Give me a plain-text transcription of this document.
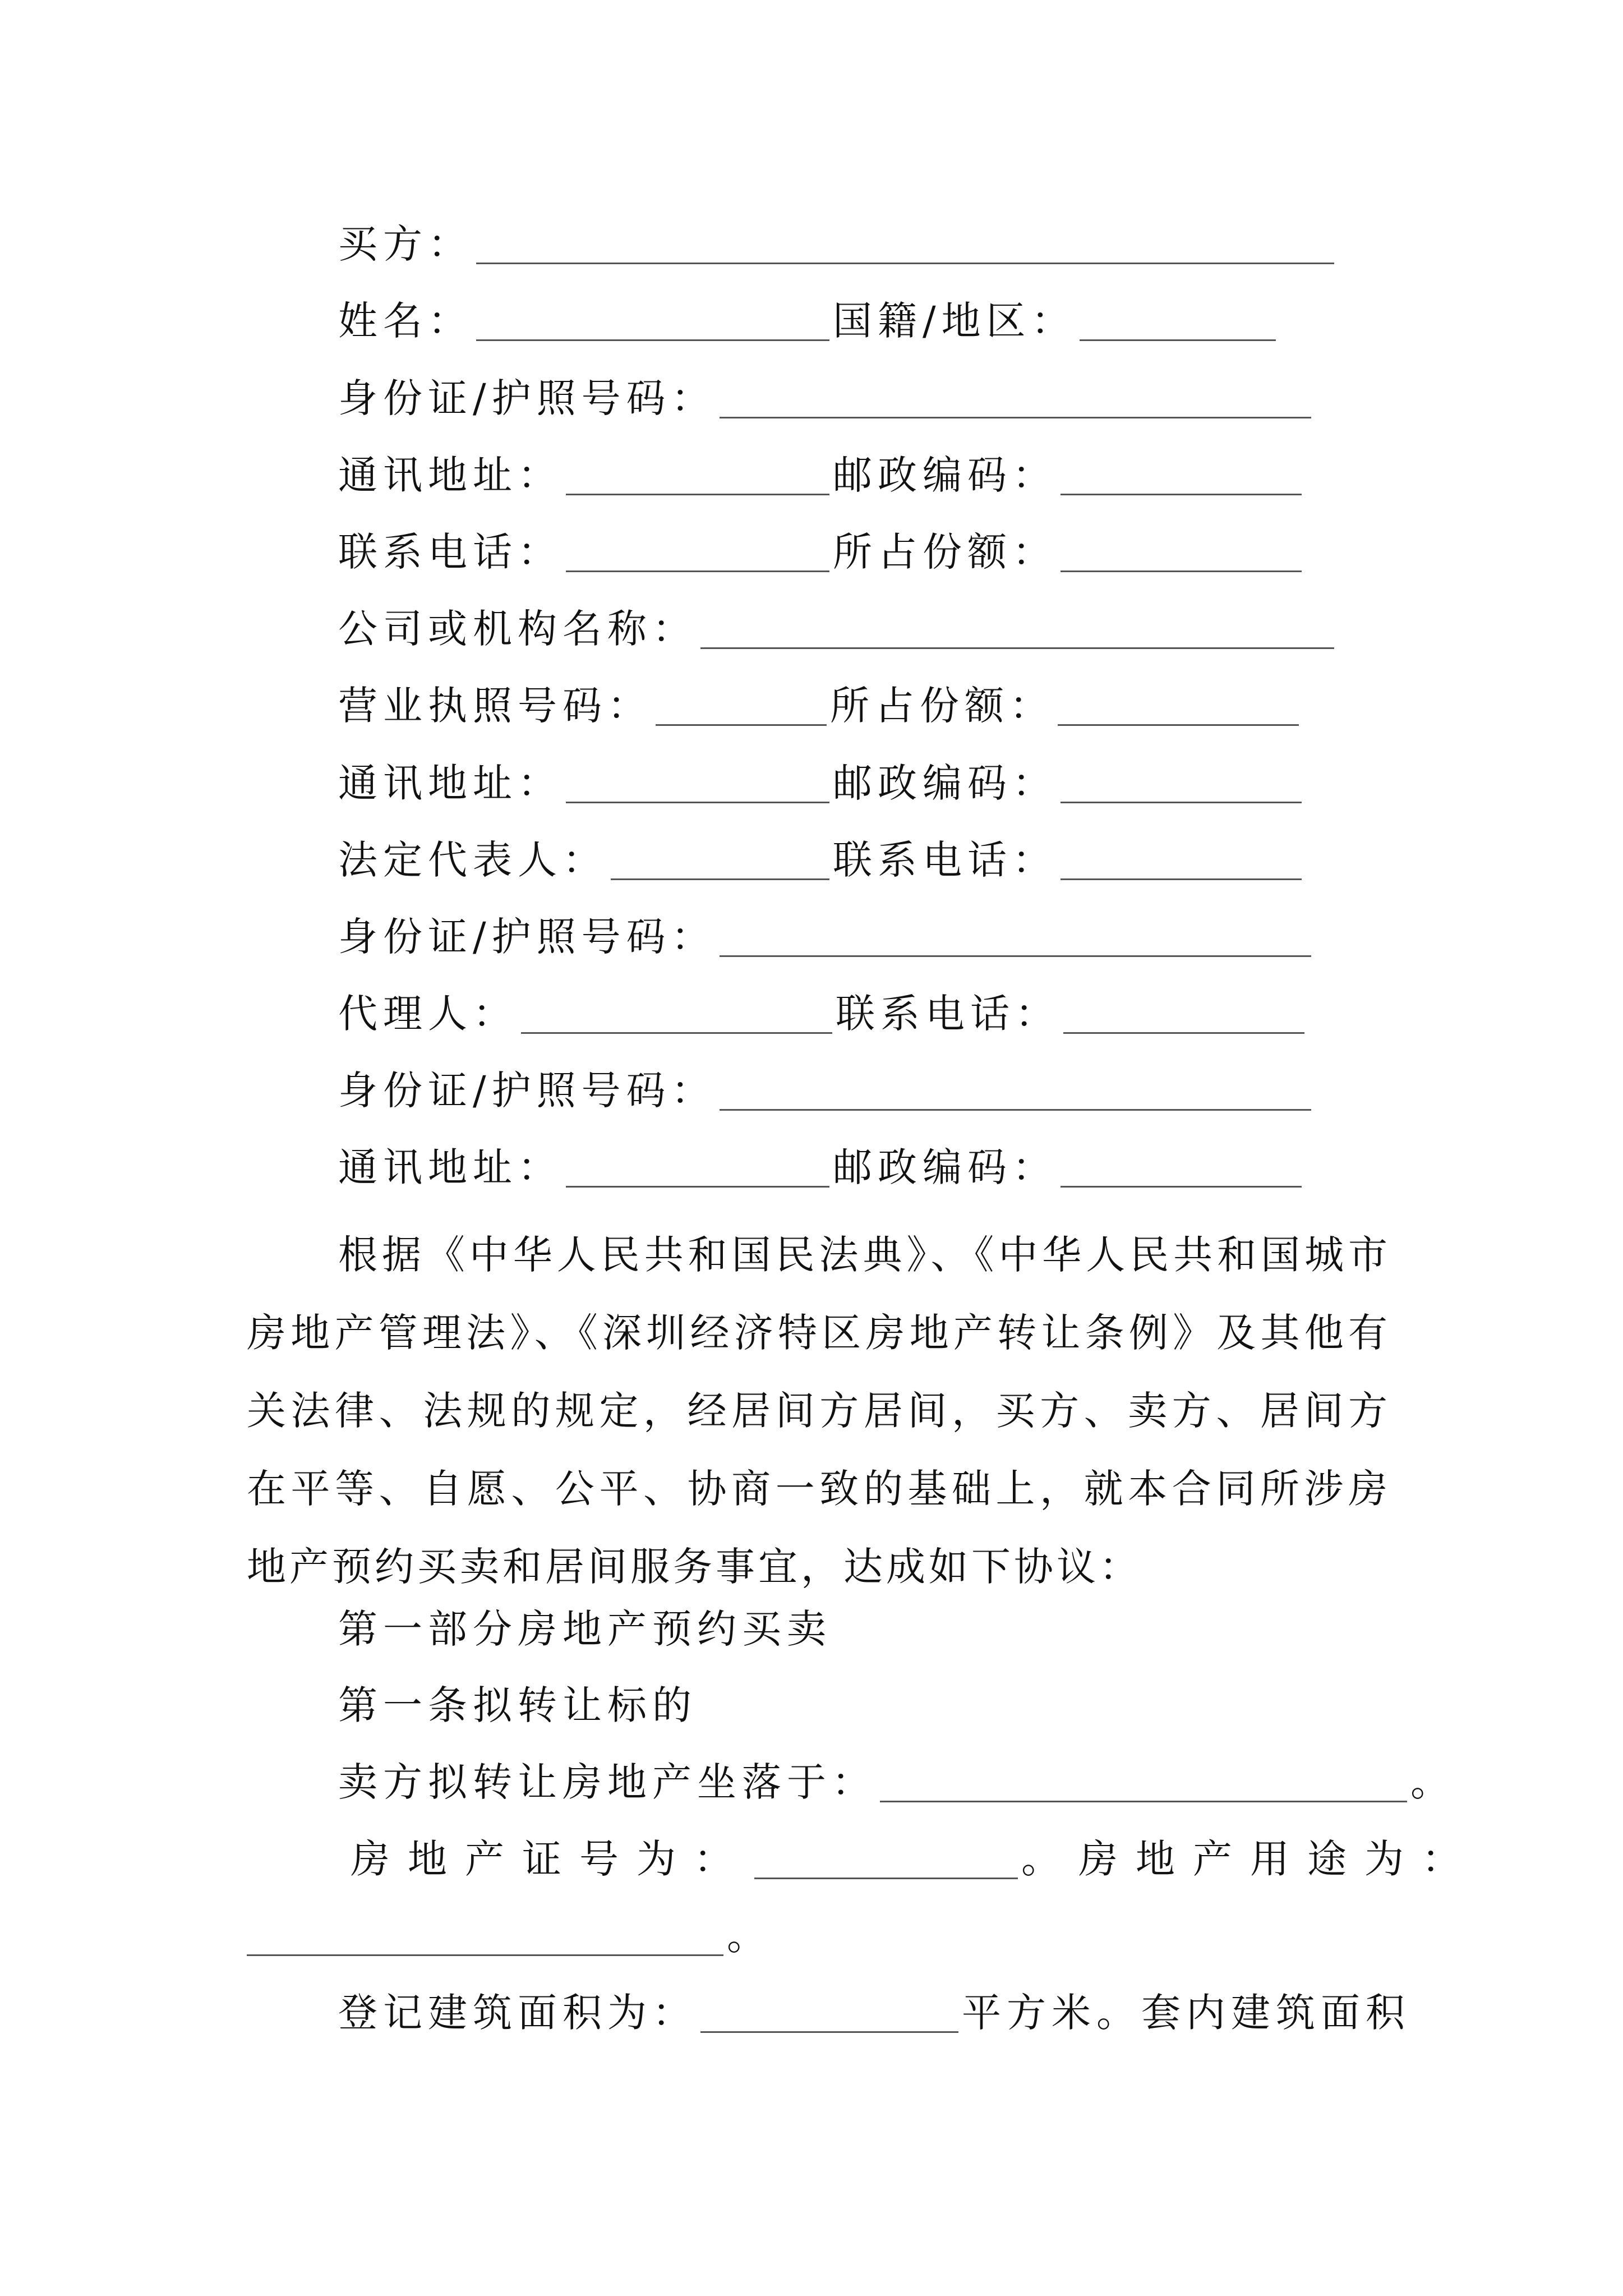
买方：
姓名：	国籍/地区：
身份证/护照号码：
通讯地址：	邮政编码：
联系电话：	所占份额：
公司或机构名称：
营业执照号码：	所占份额：
通讯地址：	邮政编码：
法定代表人：	联系电话：
身份证/护照号码：
代理人：	联系电话：
身份证/护照号码：
通讯地址：	邮政编码：

根据《中华人民共和国民法典》、《中华人民共和国城市房地产管理法》、《深圳经济特区房地产转让条例》及其他有关法律、法规的规定，经居间方居间，买方、卖方、居间方在平等、自愿、公平、协商一致的基础上，就本合同所涉房地产预约买卖和居间服务事宜，达成如下协议：

第一部分房地产预约买卖
第一条拟转让标的
卖方拟转让房地产坐落于：	。
房地产证号为：	。 房地产用途为：
。
登记建筑面积为：	平方米。套内建筑面积
